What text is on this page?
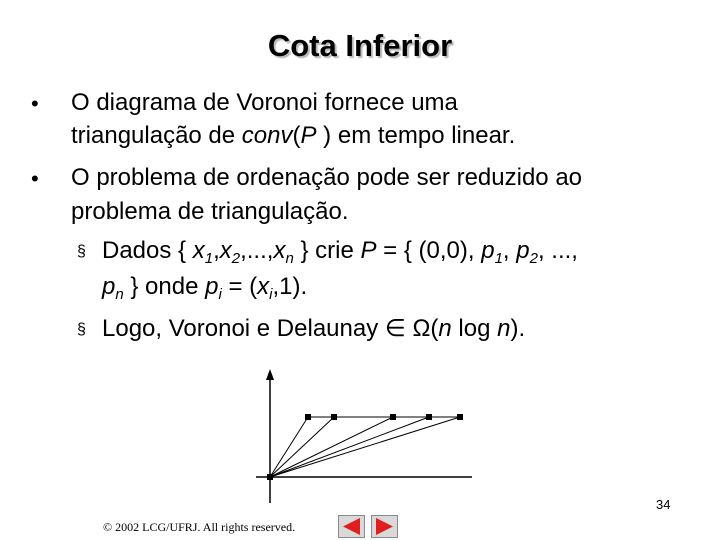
Cota Inferior
• O diagrama de Voronoi fornece uma
triangulação de conv(P ) em tempo linear.
• O problema de ordenação pode ser reduzido ao
problema de triangulação.
§ Dados { $x_1,x_2,...,x_n$ } crie P = { (0,0), $p_1$, $p_2$, ...,
$p_n$ } onde $p_i = (x_i,1)$.
§ Logo, Voronoi e Delaunay ∈ Ω(n log n).
34
© 2002 LCG/UFRJ. All rights reserved.
